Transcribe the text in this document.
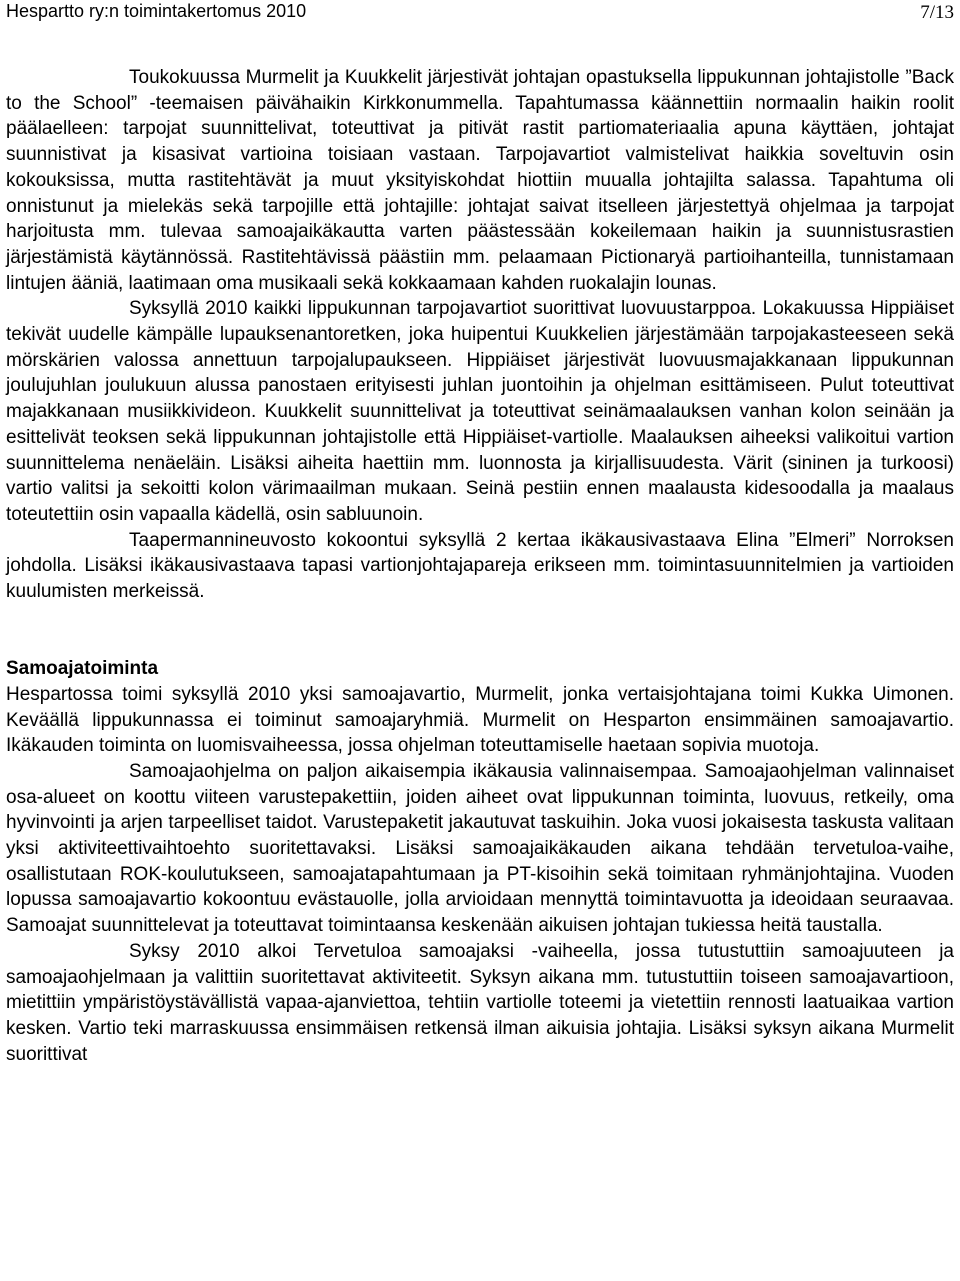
Hespartto ry:n toimintakertomus 2010	7/13

Toukokuussa Murmelit ja Kuukkelit järjestivät johtajan opastuksella lippukunnan johtajistolle ”Back to the School” -teemaisen päivähaikin Kirkkonummella. Tapahtumassa käännettiin normaalin haikin roolit päälaelleen: tarpojat suunnittelivat, toteuttivat ja pitivät rastit partiomateriaalia apuna käyttäen, johtajat suunnistivat ja kisasivat vartioina toisiaan vastaan. Tarpojavartiot valmistelivat haikkia soveltuvin osin kokouksissa, mutta rastitehtävät ja muut yksityiskohdat hiottiin muualla johtajilta salassa. Tapahtuma oli onnistunut ja mielekäs sekä tarpojille että johtajille: johtajat saivat itselleen järjestettyä ohjelmaa ja tarpojat harjoitusta mm. tulevaa samoajaikäkautta varten päästessään kokeilemaan haikin ja suunnistusrastien järjestämistä käytännössä. Rastitehtävissä päästiin mm. pelaamaan Pictionaryä partioihanteilla, tunnistamaan lintujen ääniä, laatimaan oma musikaali sekä kokkaamaan kahden ruokalajin lounas.

Syksyllä 2010 kaikki lippukunnan tarpojavartiot suorittivat luovuustarppoa. Lokakuussa Hippiäiset tekivät uudelle kämpälle lupauksenantoretken, joka huipentui Kuukkelien järjestämään tarpojakasteeseen sekä mörskärien valossa annettuun tarpojalupaukseen. Hippiäiset järjestivät luovuusmajakkanaan lippukunnan joulujuhlan joulukuun alussa panostaen erityisesti juhlan juontoihin ja ohjelman esittämiseen. Pulut toteuttivat majakkanaan musiikkivideon. Kuukkelit suunnittelivat ja toteuttivat seinämaalauksen vanhan kolon seinään ja esittelivät teoksen sekä lippukunnan johtajistolle että Hippiäiset-vartiolle. Maalauksen aiheeksi valikoitui vartion suunnittelema nenäeläin. Lisäksi aiheita haettiin mm. luonnosta ja kirjallisuudesta. Värit (sininen ja turkoosi) vartio valitsi ja sekoitti kolon värimaailman mukaan. Seinä pestiin ennen maalausta kidesoodalla ja maalaus toteutettiin osin vapaalla kädellä, osin sabluunoin.

Taapermannineuvosto kokoontui syksyllä 2 kertaa ikäkausivastaava Elina ”Elmeri” Norroksen johdolla. Lisäksi ikäkausivastaava tapasi vartionjohtajapareja erikseen mm. toimintasuunnitelmien ja vartioiden kuulumisten merkeissä.

Samoajatoiminta

Hespartossa toimi syksyllä 2010 yksi samoajavartio, Murmelit, jonka vertaisjohtajana toimi Kukka Uimonen. Keväällä lippukunnassa ei toiminut samoajaryhmiä. Murmelit on Hesparton ensimmäinen samoajavartio. Ikäkauden toiminta on luomisvaiheessa, jossa ohjelman toteuttamiselle haetaan sopivia muotoja.

Samoajaohjelma on paljon aikaisempia ikäkausia valinnaisempaa. Samoajaohjelman valinnaiset osa-alueet on koottu viiteen varustepakettiin, joiden aiheet ovat lippukunnan toiminta, luovuus, retkeily, oma hyvinvointi ja arjen tarpeelliset taidot. Varustepaketit jakautuvat taskuihin. Joka vuosi jokaisesta taskusta valitaan yksi aktiviteettivaihtoehto suoritettavaksi. Lisäksi samoajaikäkauden aikana tehdään tervetuloa-vaihe, osallistutaan ROK-koulutukseen, samoajatapahtumaan ja PT-kisoihin sekä toimitaan ryhmänjohtajina. Vuoden lopussa samoajavartio kokoontuu evästauolle, jolla arvioidaan mennyttä toimintavuotta ja ideoidaan seuraavaa. Samoajat suunnittelevat ja toteuttavat toimintaansa keskenään aikuisen johtajan tukiessa heitä taustalla.

Syksy 2010 alkoi Tervetuloa samoajaksi -vaiheella, jossa tutustuttiin samoajuuteen ja samoajaohjelmaan ja valittiin suoritettavat aktiviteetit. Syksyn aikana mm. tutustuttiin toiseen samoajavartioon, mietittiin ympäristöystävällistä vapaa-ajanviettoa, tehtiin vartiolle toteemi ja vietettiin rennosti laatuaikaa vartion kesken. Vartio teki marraskuussa ensimmäisen retkensä ilman aikuisia johtajia. Lisäksi syksyn aikana Murmelit suorittivat
